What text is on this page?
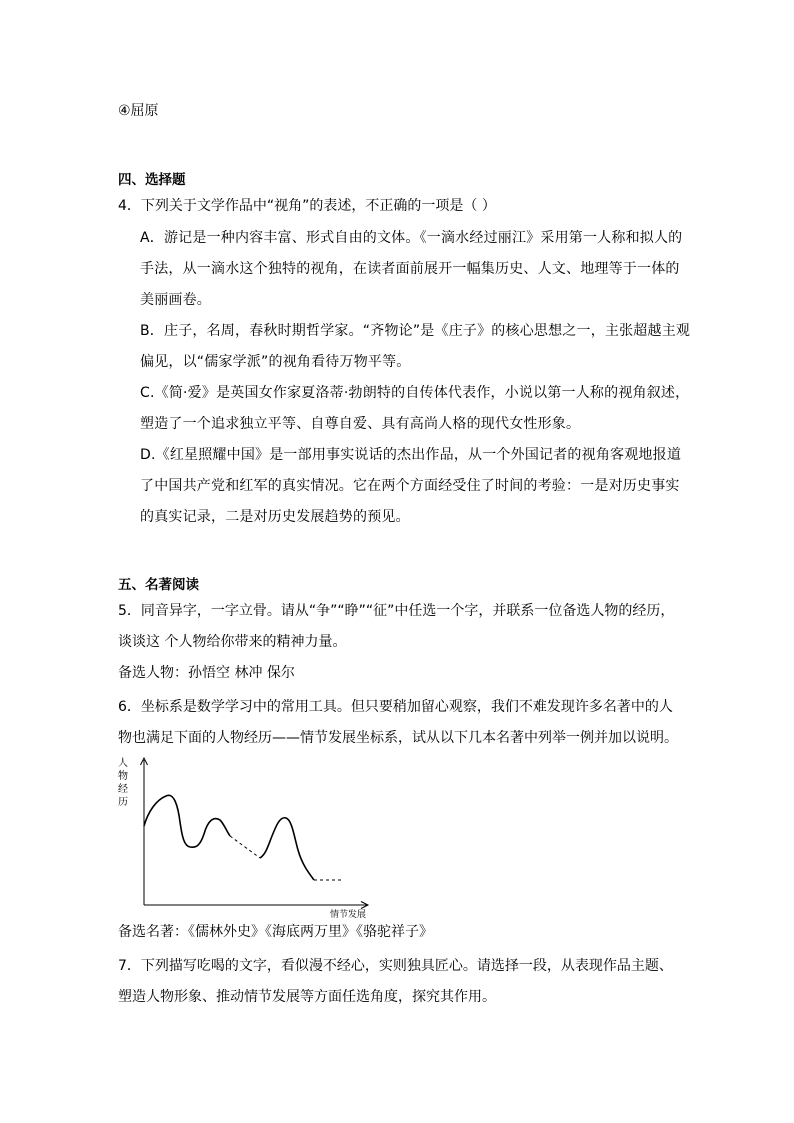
④屈原
四、选择题
4．下列关于文学作品中“视角”的表述，不正确的一项是（ ）
A．游记是一种内容丰富、形式自由的文体。《一滴水经过丽江》采用第一人称和拟人的
手法，从一滴水这个独特的视角，在读者面前展开一幅集历史、人文、地理等于一体的
美丽画卷。
B．庄子，名周，春秋时期哲学家。“齐物论”是《庄子》的核心思想之一，主张超越主观
偏见，以“儒家学派”的视角看待万物平等。
C.《简·爱》是英国女作家夏洛蒂·勃朗特的自传体代表作，小说以第一人称的视角叙述，
塑造了一个追求独立平等、自尊自爱、具有高尚人格的现代女性形象。
D.《红星照耀中国》是一部用事实说话的杰出作品，从一个外国记者的视角客观地报道
了中国共产党和红军的真实情况。它在两个方面经受住了时间的考验：一是对历史事实
的真实记录，二是对历史发展趋势的预见。
五、名著阅读
5．同音异字，一字立骨。请从“争”“睁”“征”中任选一个字，并联系一位备选人物的经历，
谈谈这 个人物给你带来的精神力量。
备选人物：孙悟空 林冲 保尔
6．坐标系是数学学习中的常用工具。但只要稍加留心观察，我们不难发现许多名著中的人
物也满足下面的人物经历——情节发展坐标系，试从以下几本名著中列举一例并加以说明。
人
物
经
历
情节发展
备选名著：《儒林外史》《海底两万里》《骆驼祥子》
7．下列描写吃喝的文字，看似漫不经心，实则独具匠心。请选择一段，从表现作品主题、
塑造人物形象、推动情节发展等方面任选角度，探究其作用。
